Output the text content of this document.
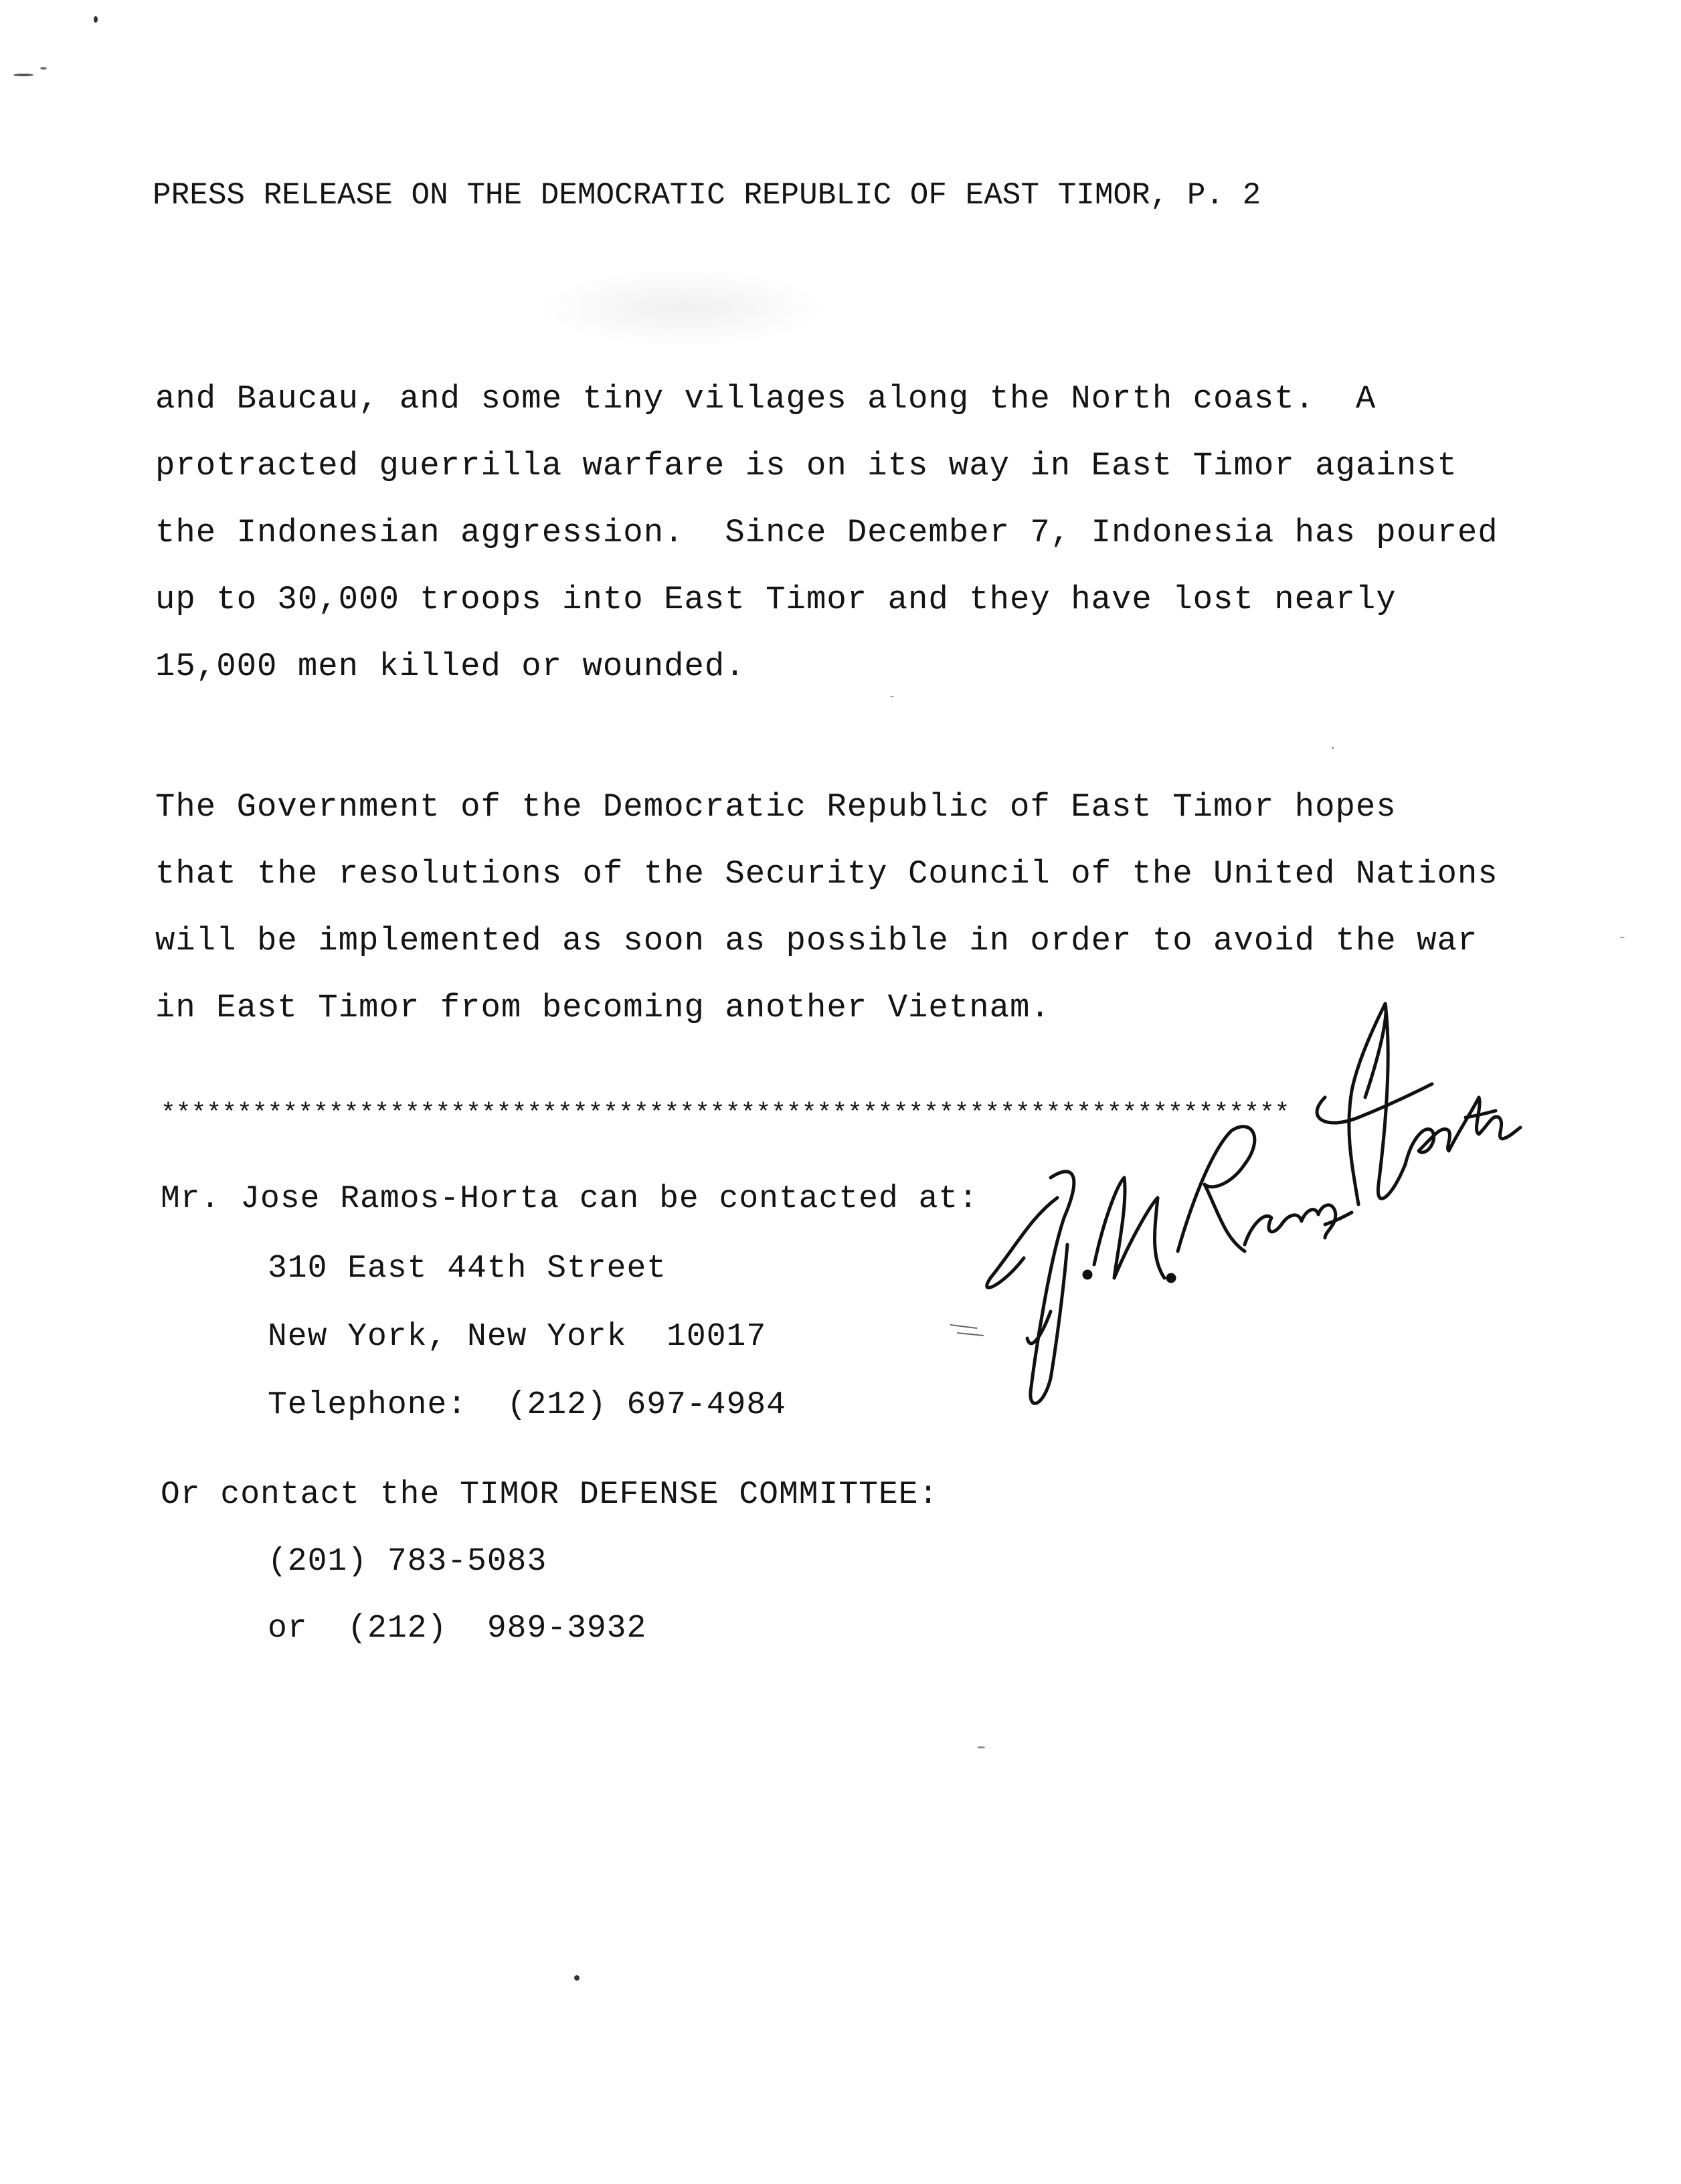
PRESS RELEASE ON THE DEMOCRATIC REPUBLIC OF EAST TIMOR, P. 2
and Baucau, and some tiny villages along the North coast.  A
protracted guerrilla warfare is on its way in East Timor against
the Indonesian aggression.  Since December 7, Indonesia has poured
up to 30,000 troops into East Timor and they have lost nearly
15,000 men killed or wounded.
The Government of the Democratic Republic of East Timor hopes
that the resolutions of the Security Council of the United Nations
will be implemented as soon as possible in order to avoid the war
in East Timor from becoming another Vietnam.
**************************************************************************
Mr. Jose Ramos-Horta can be contacted at:
310 East 44th Street
New York, New York  10017
Telephone:  (212) 697-4984
Or contact the TIMOR DEFENSE COMMITTEE:
(201) 783-5083
or  (212)  989-3932
